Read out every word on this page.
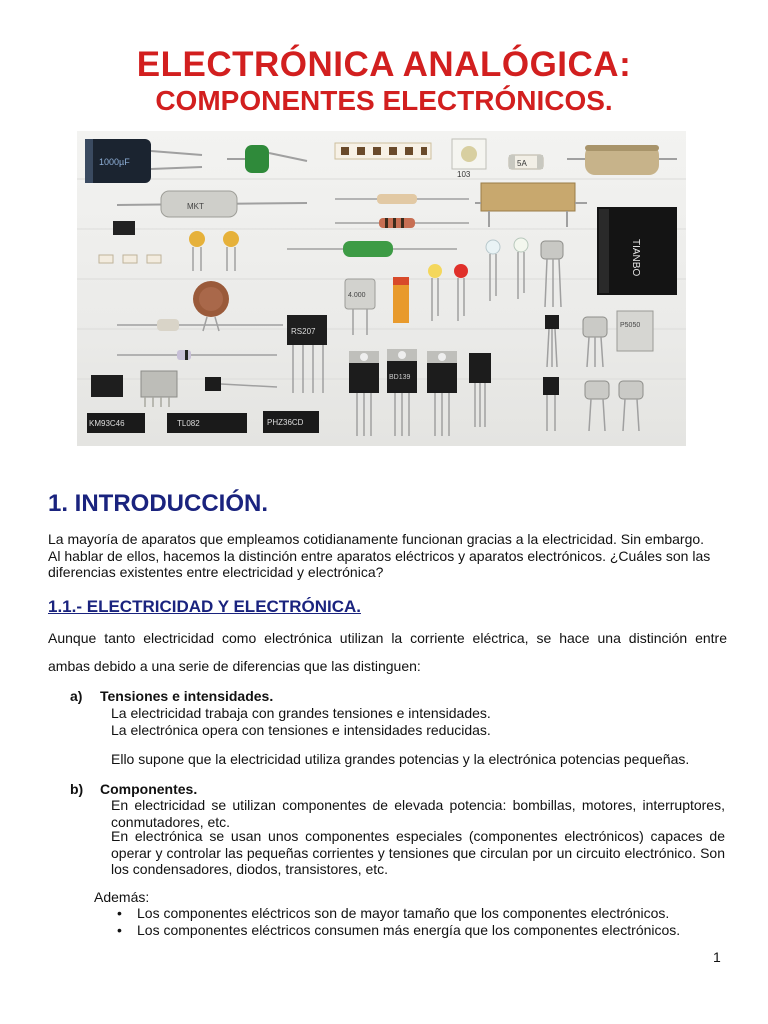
ELECTRÓNICA ANALÓGICA:
COMPONENTES ELECTRÓNICOS.
1000µF
103
5A
MKT
TIANBO
4.000
RS207
BD139
P5050
KM93C46	TL082	PHZ36CD
1. INTRODUCCIÓN.

La mayoría de aparatos que empleamos cotidianamente funcionan gracias a la electricidad. Sin embargo.
Al hablar de ellos, hacemos la distinción entre aparatos eléctricos y aparatos electrónicos. ¿Cuáles son las
diferencias existentes entre electricidad y electrónica?

1.1.- ELECTRICIDAD Y ELECTRÓNICA.

Aunque tanto electricidad como electrónica utilizan la corriente eléctrica, se hace una distinción entre

ambas debido a una serie de diferencias que las distinguen:

a) Tensiones e intensidades.

La electricidad trabaja con grandes tensiones e intensidades.
La electrónica opera con tensiones e intensidades reducidas.

Ello supone que la electricidad utiliza grandes potencias y la electrónica potencias pequeñas.

b) Componentes.

En electricidad se utilizan componentes de elevada potencia: bombillas, motores, interruptores, conmutadores, etc.

En electrónica se usan unos componentes especiales (componentes electrónicos) capaces de operar y controlar las pequeñas corrientes y tensiones que circulan por un circuito electrónico. Son los condensadores, diodos, transistores, etc.

Además:
• Los componentes eléctricos son de mayor tamaño que los componentes electrónicos.
• Los componentes eléctricos consumen más energía que los componentes electrónicos.
1
